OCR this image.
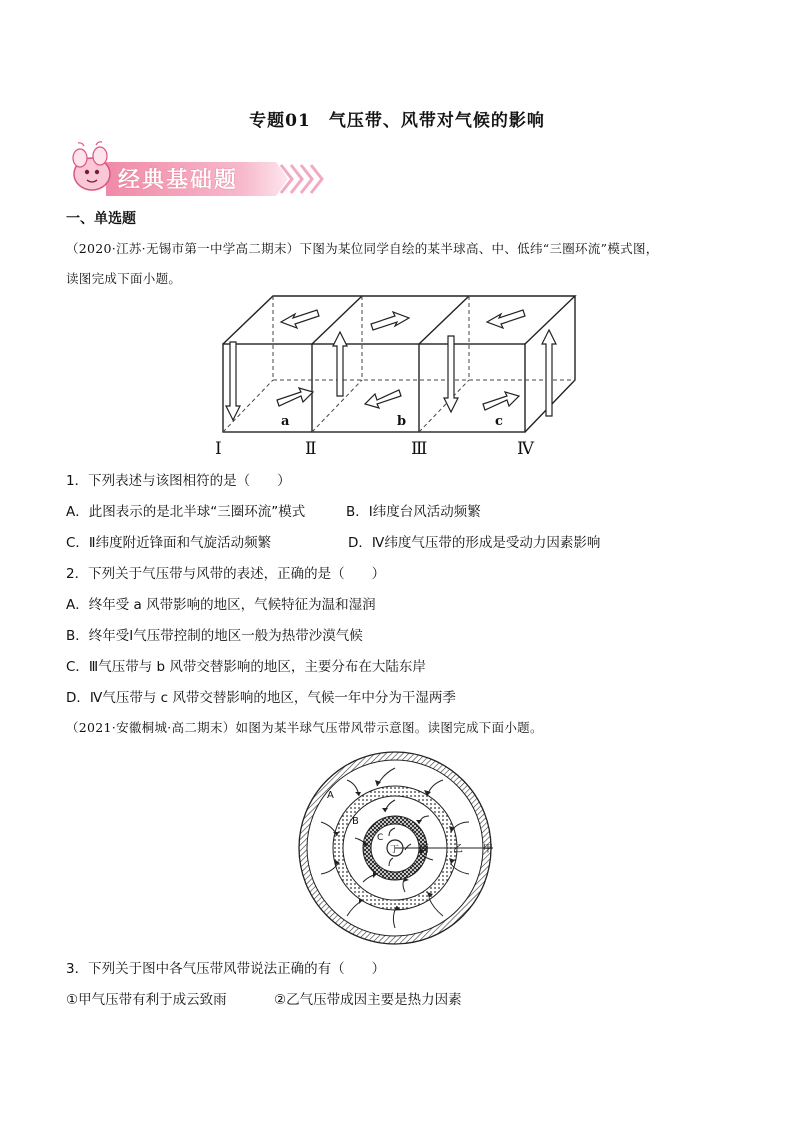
专题01　气压带、风带对气候的影响
经典基础题
一、单选题
（2020·江苏·无锡市第一中学高二期末）下图为某位同学自绘的某半球高、中、低纬“三圈环流”模式图，
读图完成下面小题。
a	b	c
Ⅰ	Ⅱ	Ⅲ	Ⅳ
1．下列表述与该图相符的是（　　）
A．此图表示的是北半球“三圈环流”模式	B．Ⅰ纬度台风活动频繁
C．Ⅱ纬度附近锋面和气旋活动频繁	D．Ⅳ纬度气压带的形成是受动力因素影响
2．下列关于气压带与风带的表述，正确的是（　　）
A．终年受 a 风带影响的地区，气候特征为温和湿润
B．终年受Ⅰ气压带控制的地区一般为热带沙漠气候
C．Ⅲ气压带与 b 风带交替影响的地区，主要分布在大陆东岸
D．Ⅳ气压带与 c 风带交替影响的地区，气候一年中分为干湿两季
（2021·安徽桐城·高二期末）如图为某半球气压带风带示意图。读图完成下面小题。
A
B
C
丁 丙 乙 甲
3．下列关于图中各气压带风带说法正确的有（　　）
①甲气压带有利于成云致雨	②乙气压带成因主要是热力因素
